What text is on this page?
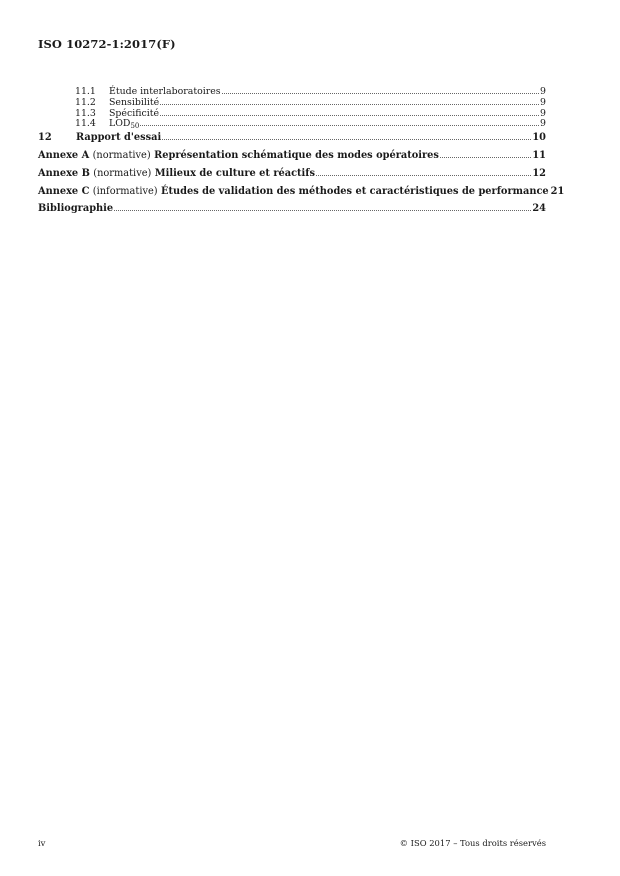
ISO 10272-1:2017(F)
11.1	Étude interlaboratoires	9
11.2	Sensibilité	9
11.3	Spécificité	9
11.4	$LOD_{50}$	9
12	Rapport d'essai	10
Annexe A (normative) Représentation schématique des modes opératoires	11
Annexe B (normative) Milieux de culture et réactifs	12
Annexe C (informative) Études de validation des méthodes et caractéristiques de performance 21
Bibliographie	24
iv	© ISO 2017 – Tous droits réservés
